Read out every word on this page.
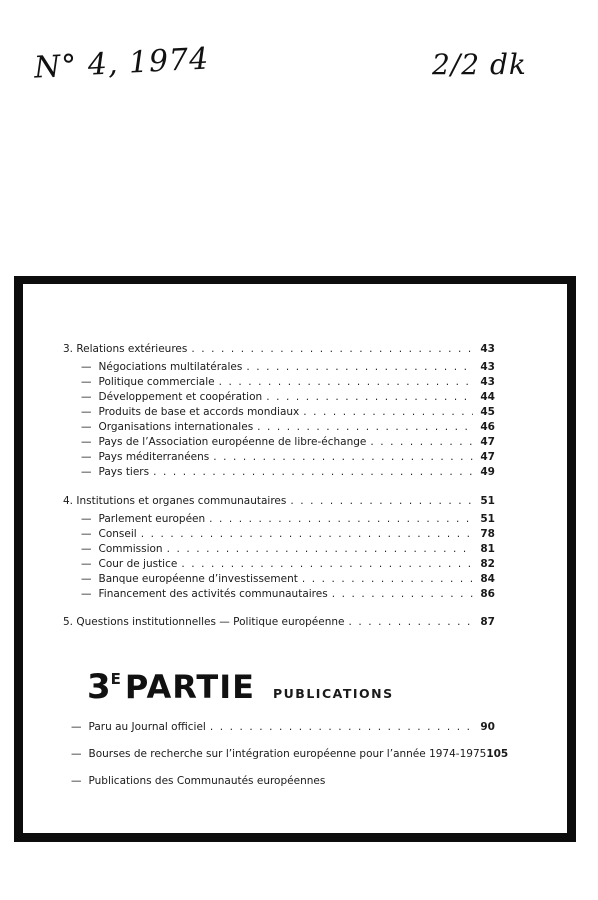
N° 4, 1974	2/2 dk
3. Relations extérieures . . .	43
— Négociations multilatérales . . .	43
— Politique commerciale . . .	43
— Développement et coopération . . .	44
— Produits de base et accords mondiaux . . .	45
— Organisations internationales . . .	46
— Pays de l’Association européenne de libre-échange . . .	47
— Pays méditerranéens . . .	47
— Pays tiers . . .	49
4. Institutions et organes communautaires . . .	51
— Parlement européen . . .	51
— Conseil . . .	78
— Commission . . .	81
— Cour de justice . . .	82
— Banque européenne d’investissement . . .	84
— Financement des activités communautaires . . .	86
5. Questions institutionnelles — Politique européenne . . .	87
3 E PARTIE PUBLICATIONS
— Paru au Journal officiel . . .	90
— Bourses de recherche sur l’intégration européenne pour l’année 1974-1975 105
— Publications des Communautés européennes
